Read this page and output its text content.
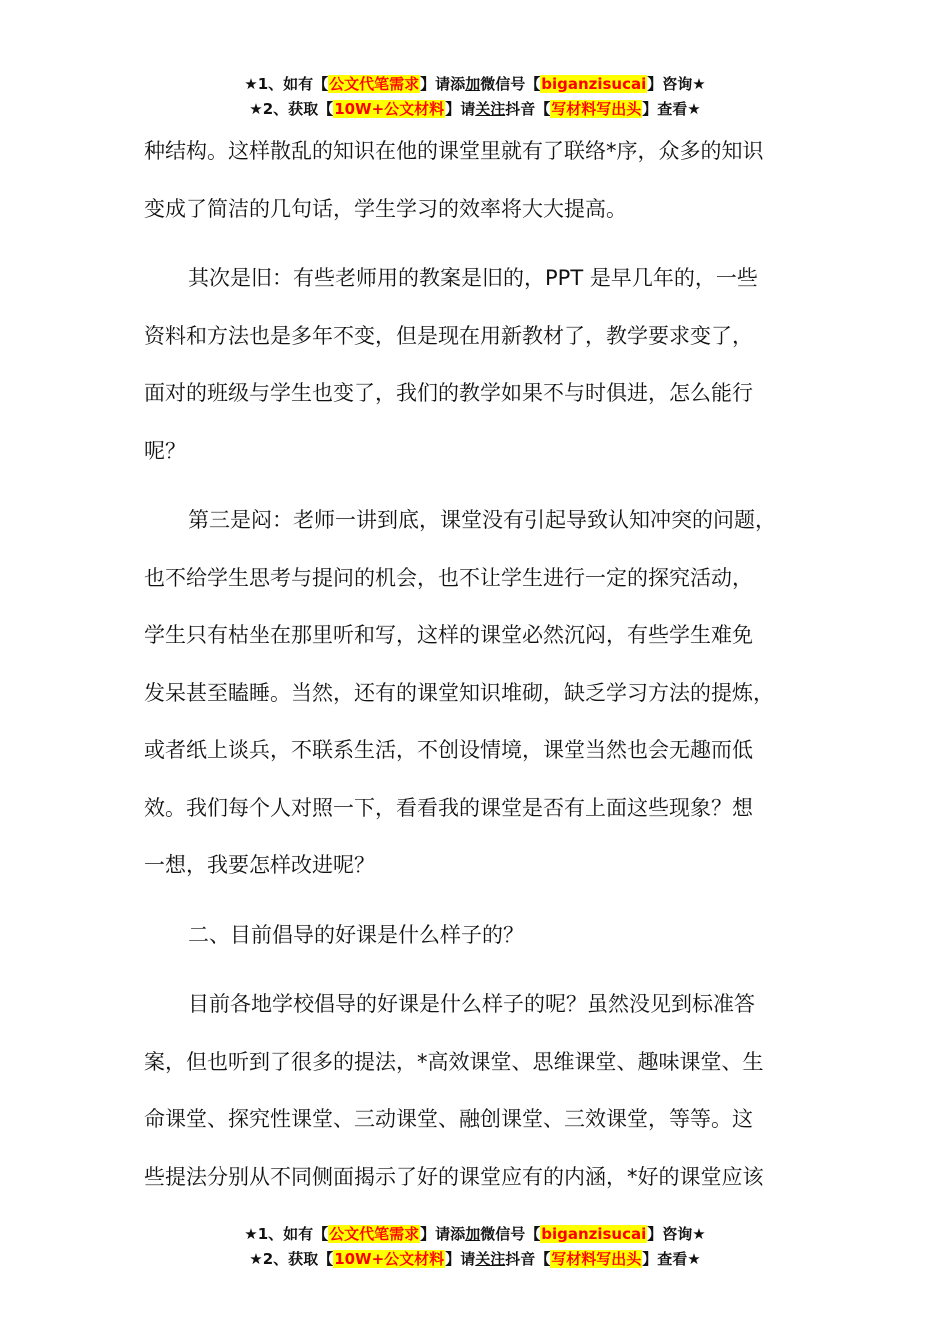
★1、如有【公文代笔需求】请添加微信号【biganzisucai】咨询★
★2、获取【10W+公文材料】请关注抖音【写材料写出头】查看★

种结构。这样散乱的知识在他的课堂里就有了联络*序，众多的知识
变成了简洁的几句话，学生学习的效率将大大提高。

其次是旧：有些老师用的教案是旧的，PPT 是早几年的，一些
资料和方法也是多年不变，但是现在用新教材了，教学要求变了，
面对的班级与学生也变了，我们的教学如果不与时俱进，怎么能行
呢？

第三是闷：老师一讲到底，课堂没有引起导致认知冲突的问题，
也不给学生思考与提问的机会，也不让学生进行一定的探究活动，
学生只有枯坐在那里听和写，这样的课堂必然沉闷，有些学生难免
发呆甚至瞌睡。当然，还有的课堂知识堆砌，缺乏学习方法的提炼，
或者纸上谈兵，不联系生活，不创设情境，课堂当然也会无趣而低
效。我们每个人对照一下，看看我的课堂是否有上面这些现象？想
一想，我要怎样改进呢？

二、目前倡导的好课是什么样子的？

目前各地学校倡导的好课是什么样子的呢？虽然没见到标准答
案，但也听到了很多的提法，*高效课堂、思维课堂、趣味课堂、生
命课堂、探究性课堂、三动课堂、融创课堂、三效课堂，等等。这
些提法分别从不同侧面揭示了好的课堂应有的内涵，*好的课堂应该

★1、如有【公文代笔需求】请添加微信号【biganzisucai】咨询★
★2、获取【10W+公文材料】请关注抖音【写材料写出头】查看★
